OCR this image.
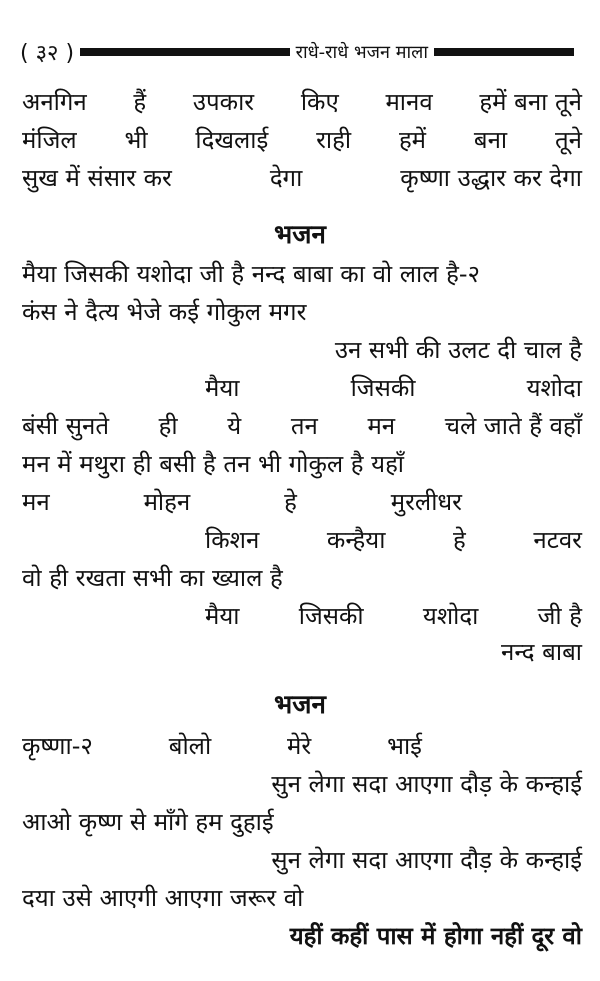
( ३२ )	राधे-राधे भजन माला
अनगिन हैं उपकार किए मानव हमें बना तूने
मंजिल भी दिखलाई राही हमें बना तूने
सुख में संसार कर	देगा	कृष्णा उद्धार कर देगा
भजन
मैया जिसकी यशोदा जी है नन्द बाबा का वो लाल है-२
कंस ने दैत्य भेजे कई गोकुल मगर
उन सभी की उलट दी चाल है
मैया	जिसकी	यशोदा
बंसी सुनते ही ये तन मन चले जाते हैं वहाँ
मन में मथुरा ही बसी है तन भी गोकुल है यहाँ
मन	मोहन	हे	मुरलीधर
किशन	कन्हैया	हे	नटवर
वो ही रखता सभी का ख्याल है
मैया जिसकी यशोदा जी है
नन्द बाबा
भजन
कृष्णा-२	बोलो	मेरे	भाई
सुन लेगा सदा आएगा दौड़ के कन्हाई
आओ कृष्ण से माँगे हम दुहाई
सुन लेगा सदा आएगा दौड़ के कन्हाई
दया उसे आएगी आएगा जरूर वो
यहीं कहीं पास में होगा नहीं दूर वो
